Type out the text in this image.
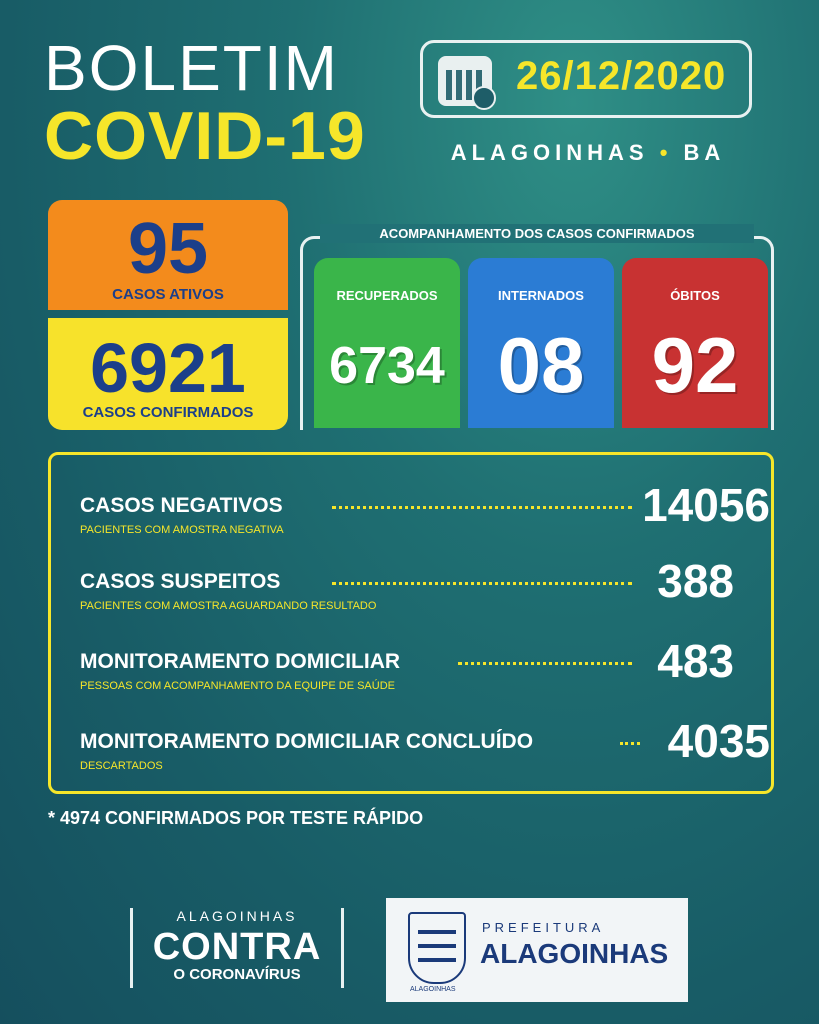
BOLETIM
COVID-19
26/12/2020
ALAGOINHAS • BA
95
CASOS ATIVOS
6921
CASOS CONFIRMADOS
ACOMPANHAMENTO DOS CASOS CONFIRMADOS
RECUPERADOS
6734
INTERNADOS
08
ÓBITOS
92
CASOS NEGATIVOS	14056
PACIENTES COM AMOSTRA NEGATIVA
CASOS SUSPEITOS	388
PACIENTES COM AMOSTRA AGUARDANDO RESULTADO
MONITORAMENTO DOMICILIAR	483
PESSOAS COM ACOMPANHAMENTO DA EQUIPE DE SAÚDE
MONITORAMENTO DOMICILIAR CONCLUÍDO	4035
DESCARTADOS
* 4974 CONFIRMADOS POR TESTE RÁPIDO
ALAGOINHAS
CONTRA
O CORONAVÍRUS
ALAGOINHAS
PREFEITURA
ALAGOINHAS
